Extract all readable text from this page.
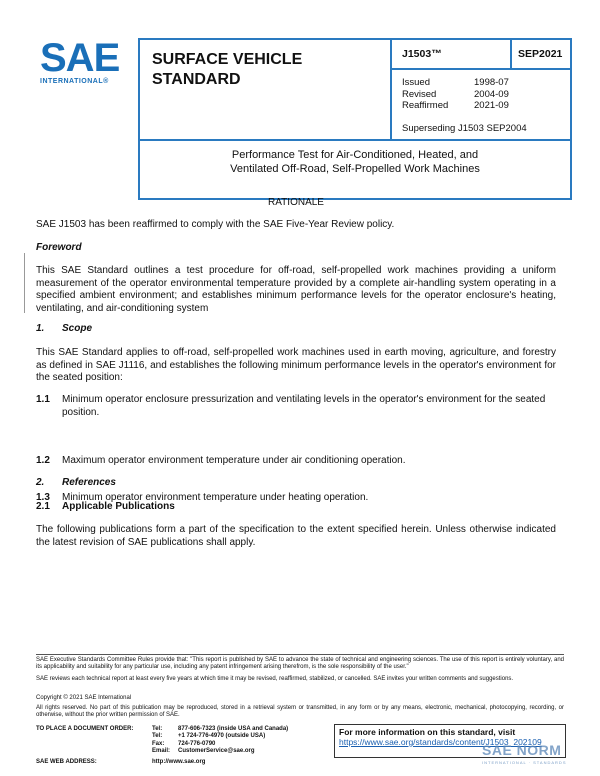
SAE
INTERNATIONAL®
SURFACE VEHICLE
STANDARD
J1503™	SEP2021
Issued	1998-07
Revised	2004-09
Reaffirmed	2021-09
Superseding J1503 SEP2004
Performance Test for Air-Conditioned, Heated, and
Ventilated Off-Road, Self-Propelled Work Machines
RATIONALE
SAE J1503 has been reaffirmed to comply with the SAE Five-Year Review policy.
Foreword
This SAE Standard outlines a test procedure for off-road, self-propelled work machines providing a uniform measurement of the operator environmental temperature provided by a complete air-handling system operating in a specified ambient environment; and establishes minimum performance levels for the operator enclosure's heating, ventilating, and air-conditioning system
1. Scope
This SAE Standard applies to off-road, self-propelled work machines used in earth moving, agriculture, and forestry as defined in SAE J1116, and establishes the following minimum performance levels in the operator's environment for the seated position:
1.1 Minimum operator enclosure pressurization and ventilating levels in the operator's environment for the seated position.
1.2 Maximum operator environment temperature under air conditioning operation.
1.3 Minimum operator environment temperature under heating operation.
2. References
2.1 Applicable Publications
The following publications form a part of the specification to the extent specified herein. Unless otherwise indicated the latest revision of SAE publications shall apply.
SAE Executive Standards Committee Rules provide that: "This report is published by SAE to advance the state of technical and engineering sciences. The use of this report is entirely voluntary, and its applicability and suitability for any particular use, including any patent infringement arising therefrom, is the sole responsibility of the user."
SAE reviews each technical report at least every five years at which time it may be revised, reaffirmed, stabilized, or cancelled. SAE invites your written comments and suggestions.
Copyright © 2021 SAE International
All rights reserved. No part of this publication may be reproduced, stored in a retrieval system or transmitted, in any form or by any means, electronic, mechanical, photocopying, recording, or otherwise, without the prior written permission of SAE.
TO PLACE A DOCUMENT ORDER:	Tel:	877-606-7323 (inside USA and Canada)
	Tel:	+1 724-776-4970 (outside USA)
	Fax:	724-776-0790
	Email:	CustomerService@sae.org
SAE WEB ADDRESS:	http://www.sae.org	
For more information on this standard, visit
https://www.sae.org/standards/content/J1503_202109
SAE NORM
INTERNATIONAL · STANDARDS
